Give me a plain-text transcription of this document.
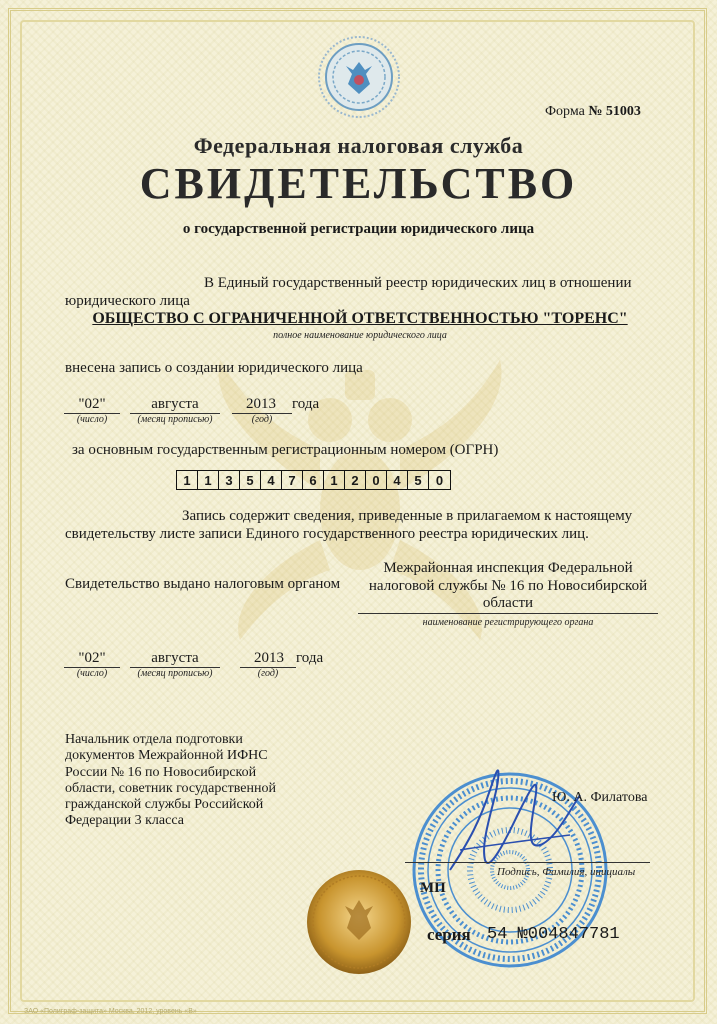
Форма № 51003
Федеральная налоговая служба
СВИДЕТЕЛЬСТВО
о государственной регистрации юридического лица
В Единый государственный реестр юридических лиц в отношении
юридического лица
ОБЩЕСТВО С ОГРАНИЧЕННОЙ ОТВЕТСТВЕННОСТЬЮ "ТОРЕНС"
полное наименование юридического лица
внесена запись о создании юридического лица
"02"
(число)
августа
(месяц прописью)
2013 года
(год)
за основным государственным регистрационным номером (ОГРН)
1	1	3	5	4	7	6	1	2	0	4	5	0
Запись содержит сведения, приведенные в прилагаемом к настоящему
свидетельству листе записи Единого государственного реестра юридических лиц.
Свидетельство выдано налоговым органом
Межрайонная инспекция Федеральной
налоговой службы № 16 по Новосибирской
области
наименование регистрирующего органа
"02"
(число)
августа
(месяц прописью)
2013 года
(год)
Начальник отдела подготовки документов Межрайонной ИФНС России № 16 по Новосибирской области, советник государственной гражданской службы Российской Федерации 3 класса
Ю. А. Филатова
Подпись, Фамилия, инициалы
МП
серия 54 №004847781
ЗАО «Полиграф-защита» Москва, 2012, уровень «В»
